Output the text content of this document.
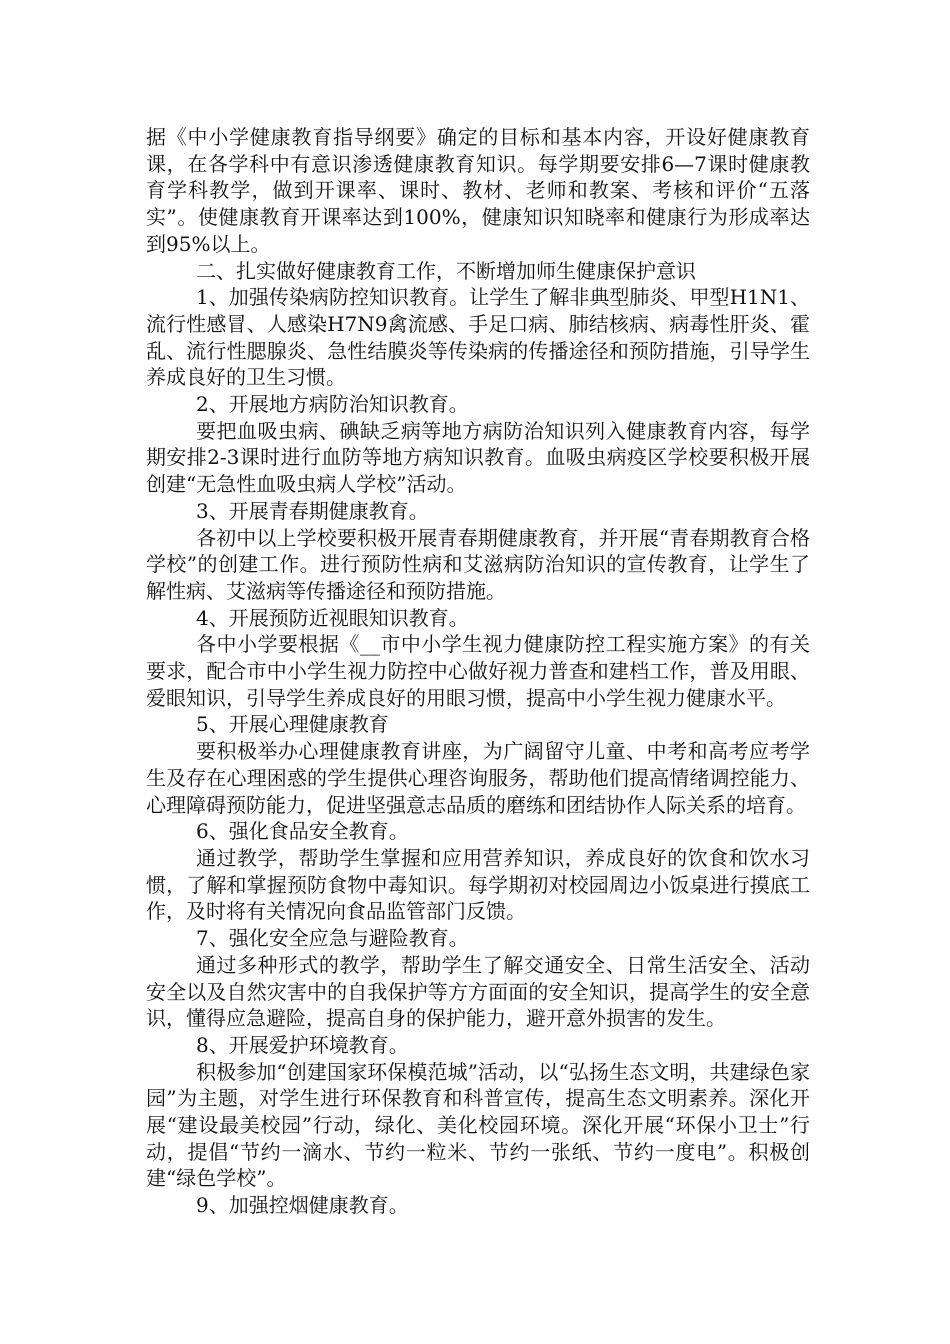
据《中小学健康教育指导纲要》确定的目标和基本内容，开设好健康教育课，在各学科中有意识渗透健康教育知识。每学期要安排6—7课时健康教育学科教学，做到开课率、课时、教材、老师和教案、考核和评价“五落实”。使健康教育开课率达到100%，健康知识知晓率和健康行为形成率达到95%以上。

二、扎实做好健康教育工作，不断增加师生健康保护意识

1、加强传染病防控知识教育。让学生了解非典型肺炎、甲型H1N1、流行性感冒、人感染H7N9禽流感、手足口病、肺结核病、病毒性肝炎、霍乱、流行性腮腺炎、急性结膜炎等传染病的传播途径和预防措施，引导学生养成良好的卫生习惯。

2、开展地方病防治知识教育。

要把血吸虫病、碘缺乏病等地方病防治知识列入健康教育内容，每学期安排2-3课时进行血防等地方病知识教育。血吸虫病疫区学校要积极开展创建“无急性血吸虫病人学校”活动。

3、开展青春期健康教育。

各初中以上学校要积极开展青春期健康教育，并开展“青春期教育合格学校”的创建工作。进行预防性病和艾滋病防治知识的宣传教育，让学生了解性病、艾滋病等传播途径和预防措施。

4、开展预防近视眼知识教育。

各中小学要根据《__市中小学生视力健康防控工程实施方案》的有关要求，配合市中小学生视力防控中心做好视力普查和建档工作，普及用眼、爱眼知识，引导学生养成良好的用眼习惯，提高中小学生视力健康水平。

5、开展心理健康教育

要积极举办心理健康教育讲座，为广阔留守儿童、中考和高考应考学生及存在心理困惑的学生提供心理咨询服务，帮助他们提高情绪调控能力、心理障碍预防能力，促进坚强意志品质的磨练和团结协作人际关系的培育。

6、强化食品安全教育。

通过教学，帮助学生掌握和应用营养知识，养成良好的饮食和饮水习惯，了解和掌握预防食物中毒知识。每学期初对校园周边小饭桌进行摸底工作，及时将有关情况向食品监管部门反馈。

7、强化安全应急与避险教育。

通过多种形式的教学，帮助学生了解交通安全、日常生活安全、活动安全以及自然灾害中的自我保护等方方面面的安全知识，提高学生的安全意识，懂得应急避险，提高自身的保护能力，避开意外损害的发生。

8、开展爱护环境教育。

积极参加“创建国家环保模范城”活动，以“弘扬生态文明，共建绿色家园”为主题，对学生进行环保教育和科普宣传，提高生态文明素养。深化开展“建设最美校园”行动，绿化、美化校园环境。深化开展“环保小卫士”行动，提倡“节约一滴水、节约一粒米、节约一张纸、节约一度电”。积极创建“绿色学校”。

9、加强控烟健康教育。
